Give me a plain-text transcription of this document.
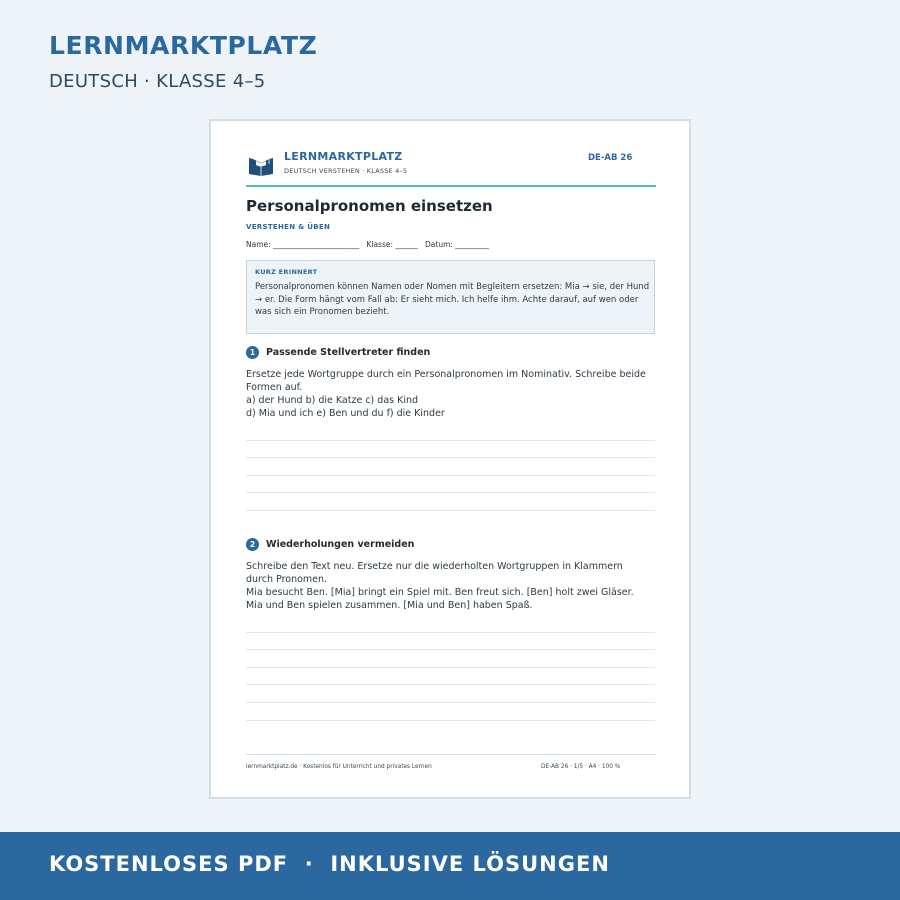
LERNMARKTPLATZ
DEUTSCH · KLASSE 4–5
LERNMARKTPLATZ
DEUTSCH VERSTEHEN · KLASSE 4–5
DE-AB 26
Personalpronomen einsetzen
VERSTEHEN & ÜBEN
Name: _______________________   Klasse: ______   Datum: _________
KURZ ERINNERT
Personalpronomen können Namen oder Nomen mit Begleitern ersetzen: Mia → sie, der Hund → er. Die Form hängt vom Fall ab: Er sieht mich. Ich helfe ihm. Achte darauf, auf wen oder was sich ein Pronomen bezieht.
1	Passende Stellvertreter finden
Ersetze jede Wortgruppe durch ein Personalpronomen im Nominativ. Schreibe beide Formen auf.
a) der Hund b) die Katze c) das Kind
d) Mia und ich e) Ben und du f) die Kinder
2	Wiederholungen vermeiden
Schreibe den Text neu. Ersetze nur die wiederholten Wortgruppen in Klammern durch Pronomen.
Mia besucht Ben. [Mia] bringt ein Spiel mit. Ben freut sich. [Ben] holt zwei Gläser. Mia und Ben spielen zusammen. [Mia und Ben] haben Spaß.
lernmarktplatz.de · Kostenlos für Unterricht und privates Lernen	DE-AB 26 · 1/5 · A4 · 100 %
KOSTENLOSES PDF  ·  INKLUSIVE LÖSUNGEN
